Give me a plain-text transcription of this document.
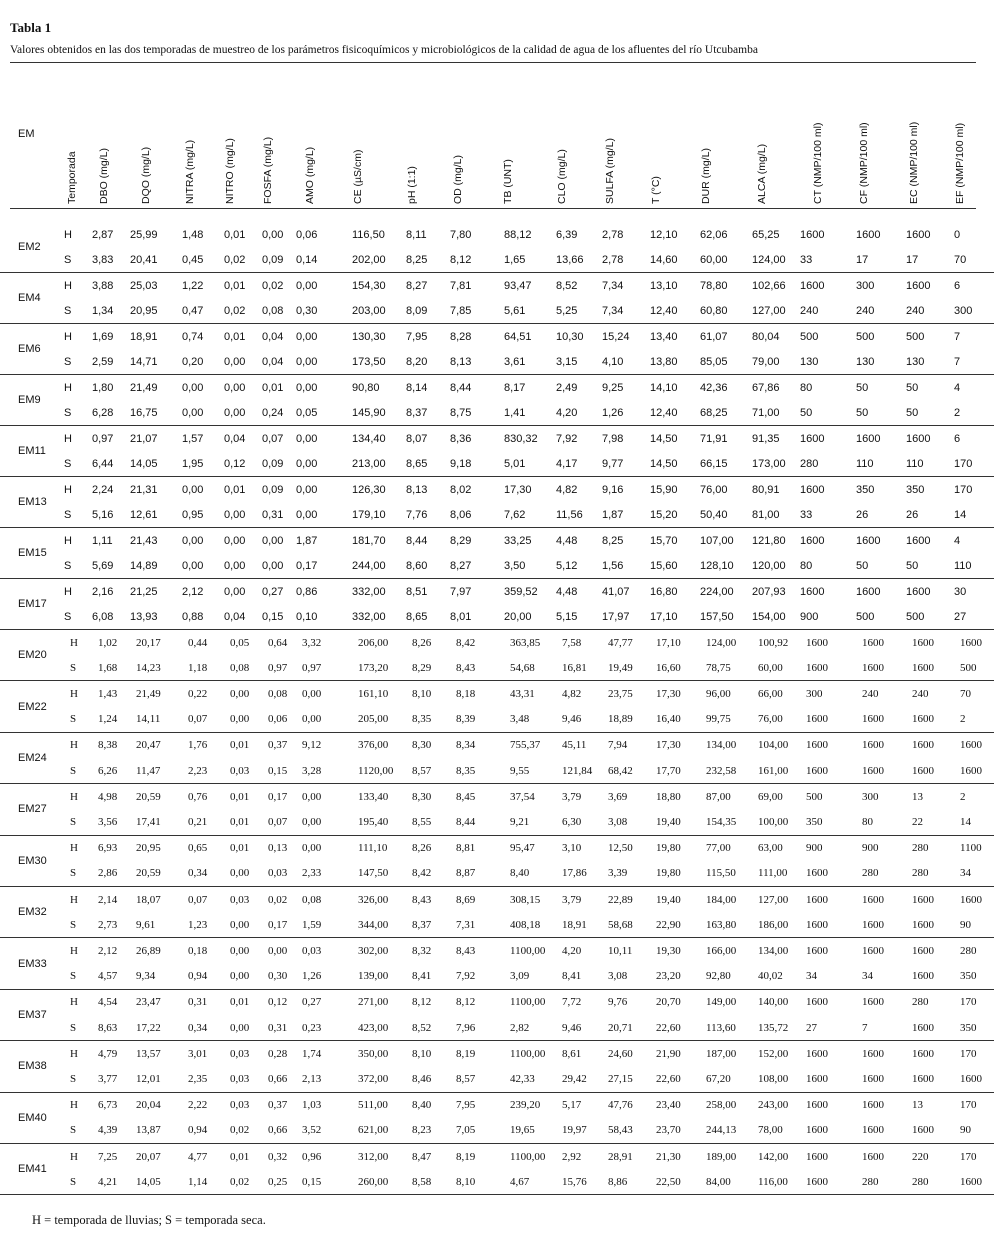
Tabla 1
Valores obtenidos en las dos temporadas de muestreo de los parámetros fisicoquímicos y microbiológicos de la calidad de agua de los afluentes del río Utcubamba
EM
Temporada DBO (mg/L)	DQO (mg/L)	NITRA (mg/L)	NITRO (mg/L) FOSFA (mg/L)	AMO (mg/L)	CE (µS/cm)	pH (1:1)	OD (mg/L)	TB (UNT)	CLO (mg/L)	SULFA (mg/L)	T (°C)	DUR (mg/L)	ALCA (mg/L)	CT (NMP/100 ml)	CF (NMP/100 ml)	EC (NMP/100 ml)	EF (NMP/100 ml)
EM2
H 2,87 25,99 1,48 0,01 0,00 0,06	116,50 8,11 7,80	88,12 6,39 2,78 12,10 62,06 65,25 1600	1600 1600 0
S 3,83 20,41 0,45 0,02 0,09 0,14	202,00 8,25 8,12	1,65	13,66 2,78 14,60 60,00 124,00 33	17	17	70
EM4
H 3,88 25,03 1,22 0,01 0,02 0,00	154,30 8,27 7,81	93,47 8,52 7,34 13,10 78,80 102,66 1600	300	1600 6
S 1,34 20,95 0,47 0,02 0,08 0,30	203,00 8,09 7,85	5,61	5,25 7,34 12,40 60,80 127,00 240	240	240	300
EM6
H 1,69 18,91 0,74 0,01 0,04 0,00	130,30 7,95 8,28	64,51 10,30 15,24 13,40 61,07 80,04 500	500	500	7
S 2,59 14,71 0,20 0,00 0,04 0,00	173,50 8,20 8,13	3,61	3,15 4,10 13,80 85,05 79,00 130	130	130	7
EM9
H 1,80 21,49 0,00 0,00 0,01 0,00	90,80 8,14 8,44	8,17	2,49 9,25 14,10 42,36 67,86 80	50	50	4
S 6,28 16,75 0,00 0,00 0,24 0,05	145,90 8,37 8,75	1,41	4,20 1,26 12,40 68,25 71,00 50	50	50	2
EM11
H 0,97 21,07 1,57 0,04 0,07 0,00	134,40 8,07 8,36	830,32 7,92 7,98 14,50 71,91 91,35 1600	1600 1600 6
S 6,44 14,05 1,95 0,12 0,09 0,00	213,00 8,65 9,18	5,01	4,17 9,77 14,50 66,15 173,00 280	110	110	170
EM13
H 2,24 21,31 0,00 0,01 0,09 0,00	126,30 8,13 8,02	17,30 4,82 9,16 15,90 76,00 80,91 1600	350	350	170
S 5,16 12,61 0,95 0,00 0,31 0,00	179,10 7,76 8,06	7,62	11,56 1,87 15,20 50,40 81,00 33	26	26	14
EM15
H 1,11 21,43 0,00 0,00 0,00 1,87	181,70 8,44 8,29	33,25 4,48 8,25 15,70 107,00 121,80 1600	1600 1600 4
S 5,69 14,89 0,00 0,00 0,00 0,17	244,00 8,60 8,27	3,50	5,12 1,56 15,60 128,10 120,00 80	50	50	110
EM17
H 2,16 21,25 2,12 0,00 0,27 0,86	332,00 8,51 7,97	359,52 4,48 41,07 16,80 224,00 207,93 1600	1600 1600 30
S 6,08 13,93 0,88 0,04 0,15 0,10	332,00 8,65 8,01	20,00 5,15 17,97 17,10 157,50 154,00 900	500	500	27
EM20
H 1,02 20,17 0,44 0,05 0,64 3,32	206,00 8,26 8,42	363,85 7,58 47,77 17,10 124,00 100,92 1600	1600	1600 1600
S 1,68 14,23 1,18 0,08 0,97 0,97	173,20 8,29 8,43	54,68 16,81 19,49 16,60 78,75 60,00 1600	1600	1600 500
EM22
H 1,43 21,49 0,22 0,00 0,08 0,00	161,10 8,10 8,18	43,31 4,82 23,75 17,30 96,00 66,00 300	240	240	70
S 1,24 14,11	0,07 0,00 0,06 0,00	205,00 8,35 8,39	3,48	9,46 18,89 16,40 99,75 76,00 1600	1600	1600 2
EM24
H 8,38 20,47 1,76 0,01 0,37 9,12	376,00 8,30 8,34	755,37 45,11 7,94	17,30 134,00 104,00 1600	1600	1600 1600
S 6,26 11,47	2,23 0,03 0,15 3,28	1120,00 8,57 8,35	9,55	121,84 68,42 17,70 232,58 161,00 1600	1600	1600 1600
EM27
H 4,98 20,59 0,76 0,01 0,17 0,00	133,40 8,30 8,45	37,54 3,79 3,69	18,80 87,00 69,00 500	300	13	2
S 3,56 17,41 0,21 0,01 0,07 0,00	195,40 8,55 8,44	9,21	6,30 3,08	19,40 154,35 100,00 350	80	22	14
EM30
H 6,93 20,95 0,65 0,01 0,13 0,00	111,10 8,26 8,81	95,47 3,10 12,50 19,80 77,00 63,00 900	900	280	1100
S 2,86 20,59 0,34 0,00 0,03 2,33	147,50 8,42 8,87	8,40	17,86 3,39	19,80 115,50 111,00 1600	280	280	34
EM32
H 2,14 18,07 0,07 0,03 0,02 0,08	326,00 8,43 8,69	308,15 3,79 22,89 19,40 184,00 127,00 1600	1600	1600 1600
S 2,73 9,61	1,23 0,00 0,17 1,59	344,00 8,37 7,31	408,18 18,91 58,68 22,90 163,80 186,00 1600	1600	1600 90
EM33
H 2,12 26,89 0,18 0,00 0,00 0,03	302,00 8,32 8,43	1100,00 4,20 10,11 19,30 166,00 134,00 1600	1600	1600 280
S 4,57 9,34	0,94 0,00 0,30 1,26	139,00 8,41 7,92	3,09	8,41 3,08	23,20 92,80 40,02 34	34	1600 350
EM37
H 4,54 23,47 0,31 0,01 0,12 0,27	271,00 8,12 8,12	1100,00 7,72 9,76	20,70 149,00 140,00 1600	1600	280	170
S 8,63 17,22 0,34 0,00 0,31 0,23	423,00 8,52 7,96	2,82	9,46 20,71 22,60 113,60 135,72 27	7	1600 350
EM38
H 4,79 13,57 3,01 0,03 0,28 1,74	350,00 8,10 8,19	1100,00 8,61 24,60 21,90 187,00 152,00 1600	1600	1600 170
S 3,77 12,01 2,35 0,03 0,66 2,13	372,00 8,46 8,57	42,33 29,42 27,15 22,60 67,20 108,00 1600	1600	1600 1600
EM40
H 6,73 20,04 2,22 0,03 0,37 1,03	511,00 8,40 7,95	239,20 5,17 47,76 23,40 258,00 243,00 1600	1600	13	170
S 4,39 13,87 0,94 0,02 0,66 3,52	621,00 8,23 7,05	19,65 19,97 58,43 23,70 244,13 78,00 1600	1600	1600 90
EM41
H 7,25 20,07 4,77 0,01 0,32 0,96	312,00 8,47 8,19	1100,00 2,92 28,91 21,30 189,00 142,00 1600	1600	220	170
S 4,21 14,05 1,14 0,02 0,25 0,15	260,00 8,58 8,10	4,67	15,76 8,86	22,50 84,00 116,00 1600	280	280	1600
H = temporada de lluvias; S = temporada seca.
